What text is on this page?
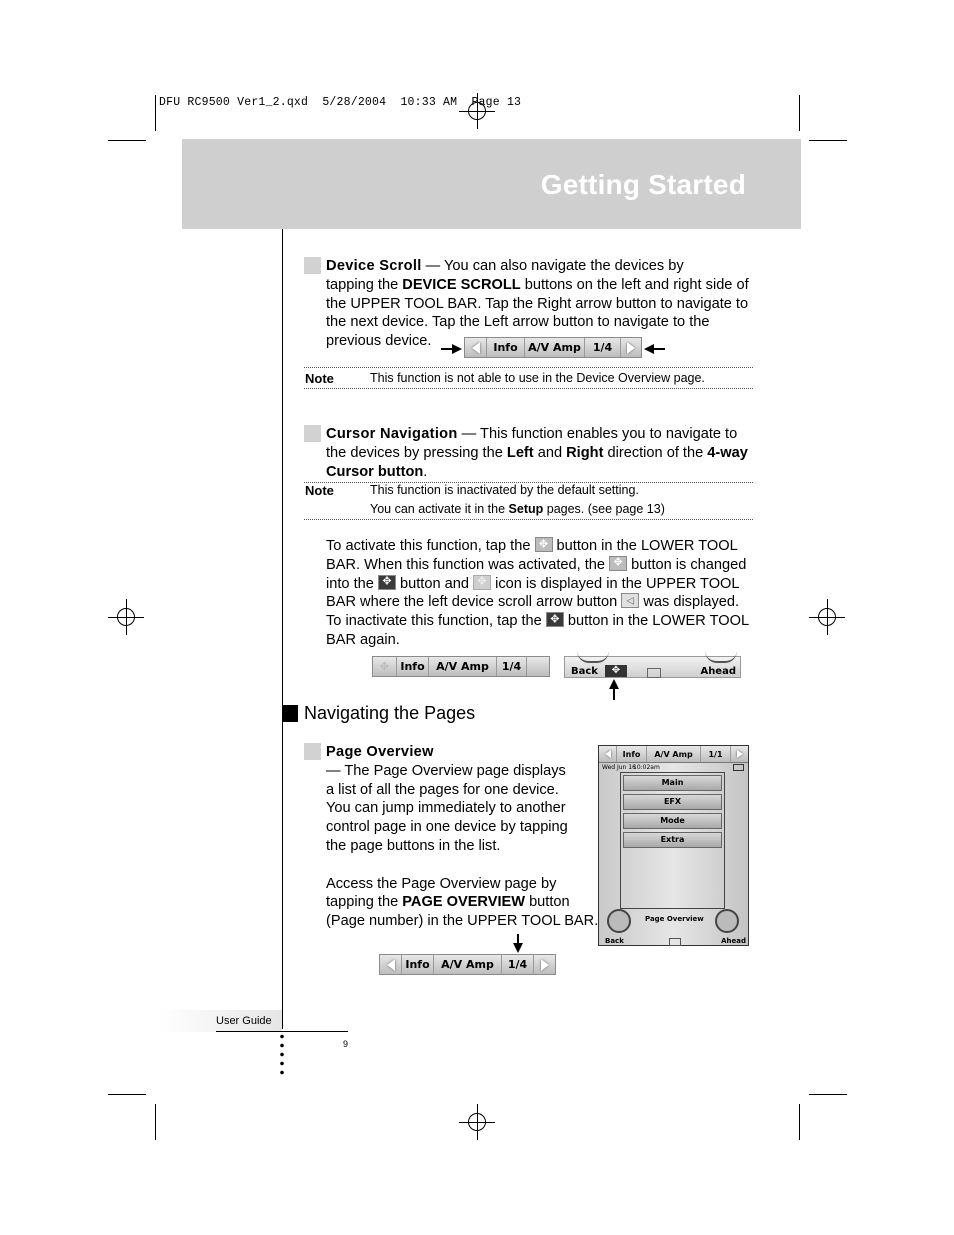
DFU RC9500 Ver1_2.qxd  5/28/2004  10:33 AM  Page 13
Getting Started
Device Scroll — You can also navigate the devices by
tapping the DEVICE SCROLL buttons on the left and right side of
the UPPER TOOL BAR. Tap the Right arrow button to navigate to
the next device. Tap the Left arrow button to navigate to the
previous device.	Info A/V Amp	1/4
Note	This function is not able to use in the Device Overview page.
Cursor Navigation — This function enables you to navigate to
the devices by pressing the Left and Right direction of the 4-way
Cursor button.
Note	This function is inactivated by the default setting.
You can activate it in the Setup pages. (see page 13)
To activate this function, tap the ✥ button in the LOWER TOOL
BAR. When this function was activated, the ✥ button is changed
into the ✥ button and ✥ icon is displayed in the UPPER TOOL
BAR where the left device scroll arrow button ◁ was displayed.
To inactivate this function, tap the ✥ button in the LOWER TOOL
BAR again.
✥	Info	A/V Amp	1/4	Back	✥	Ahead
Navigating the Pages
Page Overview
— The Page Overview page displays
a list of all the pages for one device.
You can jump immediately to another
control page in one device by tapping
the page buttons in the list.
Access the Page Overview page by
tapping the PAGE OVERVIEW button
(Page number) in the UPPER TOOL BAR.
Info	A/V Amp	1/1
Wed Jun 16
10:02am
Main
EFX
Mode
Extra
Page Overview
Back	Ahead
Info	A/V Amp	1/4
User Guide
9
